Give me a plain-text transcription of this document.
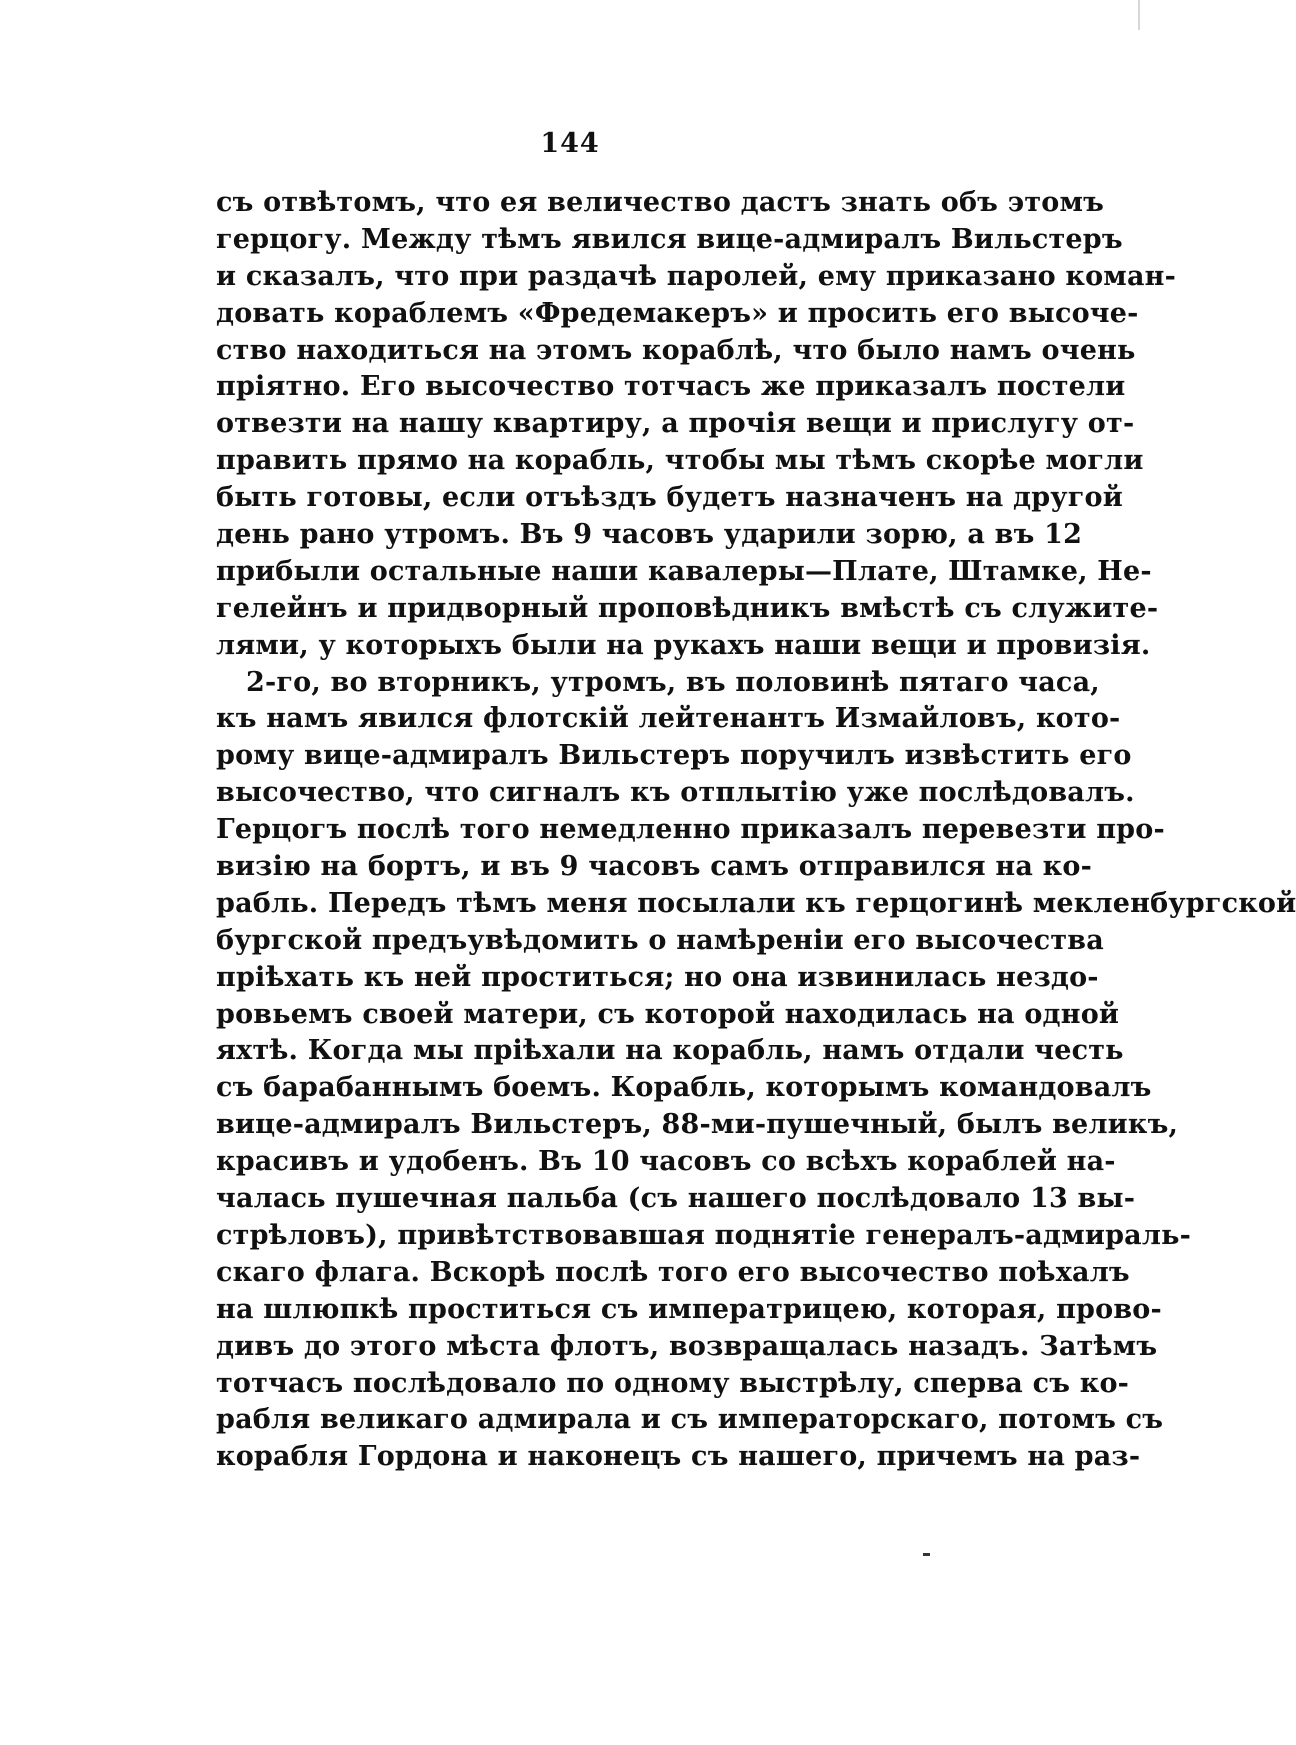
144
съ отвѣтомъ, что ея величество дастъ знать объ этомъ
герцогу. Между тѣмъ явился вице-адмиралъ Вильстеръ
и сказалъ, что при раздачѣ паролей, ему приказано коман-
довать кораблемъ «Фредемакеръ» и просить его высоче-
ство находиться на этомъ кораблѣ, что было намъ очень
пріятно. Его высочество тотчасъ же приказалъ постели
отвезти на нашу квартиру, а прочія вещи и прислугу от-
править прямо на корабль, чтобы мы тѣмъ скорѣе могли
быть готовы, если отъѣздъ будетъ назначенъ на другой
день рано утромъ. Въ 9 часовъ ударили зорю, а въ 12
прибыли остальные наши кавалеры—Плате, Штамке, Не-
гелейнъ и придворный проповѣдникъ вмѣстѣ съ служите-
лями, у которыхъ были на рукахъ наши вещи и провизія.
2-го, во вторникъ, утромъ, въ половинѣ пятаго часа,
къ намъ явился флотскій лейтенантъ Измайловъ, кото-
рому вице-адмиралъ Вильстеръ поручилъ извѣстить его
высочество, что сигналъ къ отплытію уже послѣдовалъ.
Герцогъ послѣ того немедленно приказалъ перевезти про-
визію на бортъ, и въ 9 часовъ самъ отправился на ко-
рабль. Передъ тѣмъ меня посылали къ герцогинѣ мекленбургской
бургской предъувѣдомить о намѣреніи его высочества
пріѣхать къ ней проститься; но она извинилась нездо-
ровьемъ своей матери, съ которой находилась на одной
яхтѣ. Когда мы пріѣхали на корабль, намъ отдали честь
съ барабаннымъ боемъ. Корабль, которымъ командовалъ
вице-адмиралъ Вильстеръ, 88-ми-пушечный, былъ великъ,
красивъ и удобенъ. Въ 10 часовъ со всѣхъ кораблей на-
чалась пушечная пальба (съ нашего послѣдовало 13 вы-
стрѣловъ), привѣтствовавшая поднятіе генералъ-адмираль-
скаго флага. Вскорѣ послѣ того его высочество поѣхалъ
на шлюпкѣ проститься съ императрицею, которая, прово-
дивъ до этого мѣста флотъ, возвращалась назадъ. Затѣмъ
тотчасъ послѣдовало по одному выстрѣлу, сперва съ ко-
рабля великаго адмирала и съ императорскаго, потомъ съ
корабля Гордона и наконецъ съ нашего, причемъ на раз-
